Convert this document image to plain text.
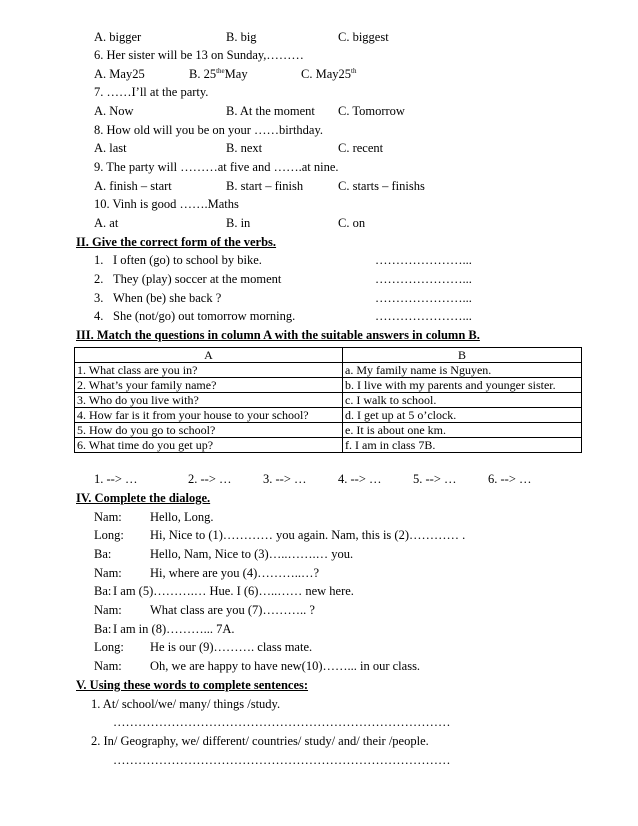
A. bigger	B. big	C. biggest
6. Her sister will be 13 on Sunday,………
A. May25	B. $25^{the}May$	C. May25th
7. ……I’ll at the party.
A. Now	B. At the moment C. Tomorrow
8. How old will you be on your ……birthday.
A. last	B. next	C. recent
9. The party will ………at five and …….at nine.
A. finish – start	B. start – finish	C. starts – finishs
10. Vinh is good …….Maths
A. at	B. in	C. on
II. Give the correct form of the verbs.
1. I often (go) to school by bike.	…………………...
2. They (play) soccer at the moment	…………………...
3. When (be) she back ?	…………………...
4. She (not/go) out tomorrow morning.	…………………...
III. Match the questions in column A with the suitable answers in column B.
A	B
1. What class are you in?	a. My family name is Nguyen.
2. What’s your family name?	b. I live with my parents and younger sister.
3. Who do you live with?	c. I walk to school.
4. How far is it from your house to your school?	d. I get up at 5 o’clock.
5. How do you go to school?	e. It is about one km.
6. What time do you get up?	f. I am in class 7B.
1. --> …	2. --> …	3. --> …	4. --> …	5. --> …	6. --> …
IV. Complete the dialoge.
Nam: Hello, Long.
Long: Hi, Nice to (1)………… you again. Nam, this is (2)………… .
Ba:	Hello, Nam, Nice to (3)…..…….… you.
Nam: Hi, where are you (4)………..…?
Ba: I am (5)……….… Hue. I (6)…..…… new here.
Nam: What class are you (7)……….. ?
Ba: I am in (8)………... 7A.
Long: He is our (9)………. class mate.
Nam: Oh, we are happy to have new(10)……... in our class.
V. Using these words to complete sentences:
1. At/ school/we/ many/ things /study.
………………………………………………………………………
2. In/ Geography, we/ different/ countries/ study/ and/ their /people.
………………………………………………………………………
